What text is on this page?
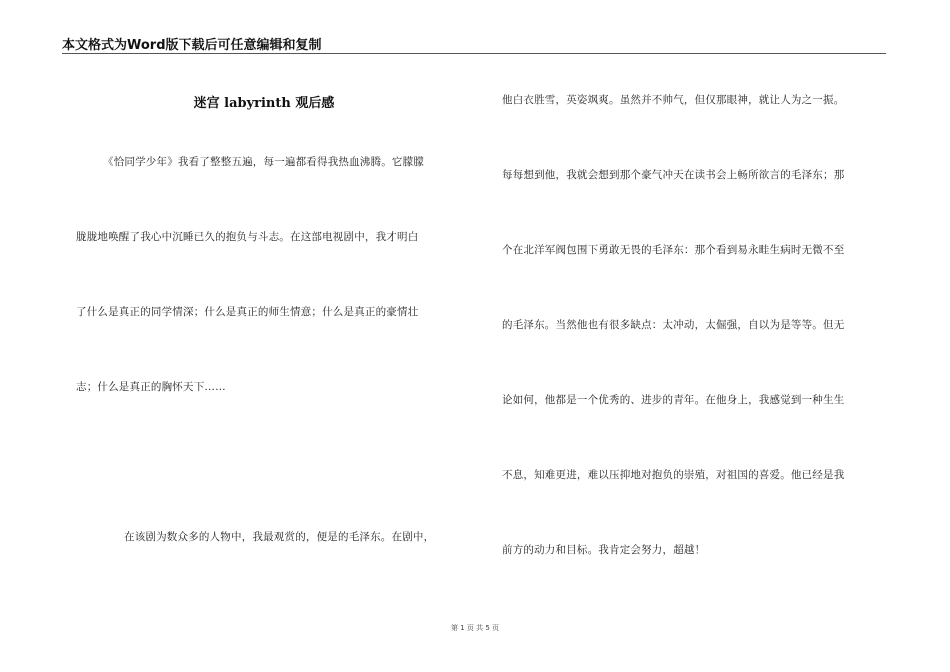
本文格式为Word版下载后可任意编辑和复制
迷宫 labyrinth 观后感
《恰同学少年》我看了整整五遍，每一遍都看得我热血沸腾。它朦朦
胧胧地唤醒了我心中沉睡已久的抱负与斗志。在这部电视剧中，我才明白
了什么是真正的同学情深；什么是真正的师生情意；什么是真正的豪情壮
志；什么是真正的胸怀天下……
在该剧为数众多的人物中，我最观赏的，便是的毛泽东。在剧中，
他白衣胜雪，英姿飒爽。虽然并不帅气，但仅那眼神，就让人为之一振。
每每想到他，我就会想到那个豪气冲天在读书会上畅所欲言的毛泽东；那
个在北洋军阀包围下勇敢无畏的毛泽东：那个看到易永畦生病时无微不至
的毛泽东。当然他也有很多缺点：太冲动，太倔强，自以为是等等。但无
论如何，他都是一个优秀的、进步的青年。在他身上，我感觉到一种生生
不息，知难更进，难以压抑地对抱负的崇殖，对祖国的喜爱。他已经是我
前方的动力和目标。我肯定会努力，超越！
第 1 页 共 5 页
